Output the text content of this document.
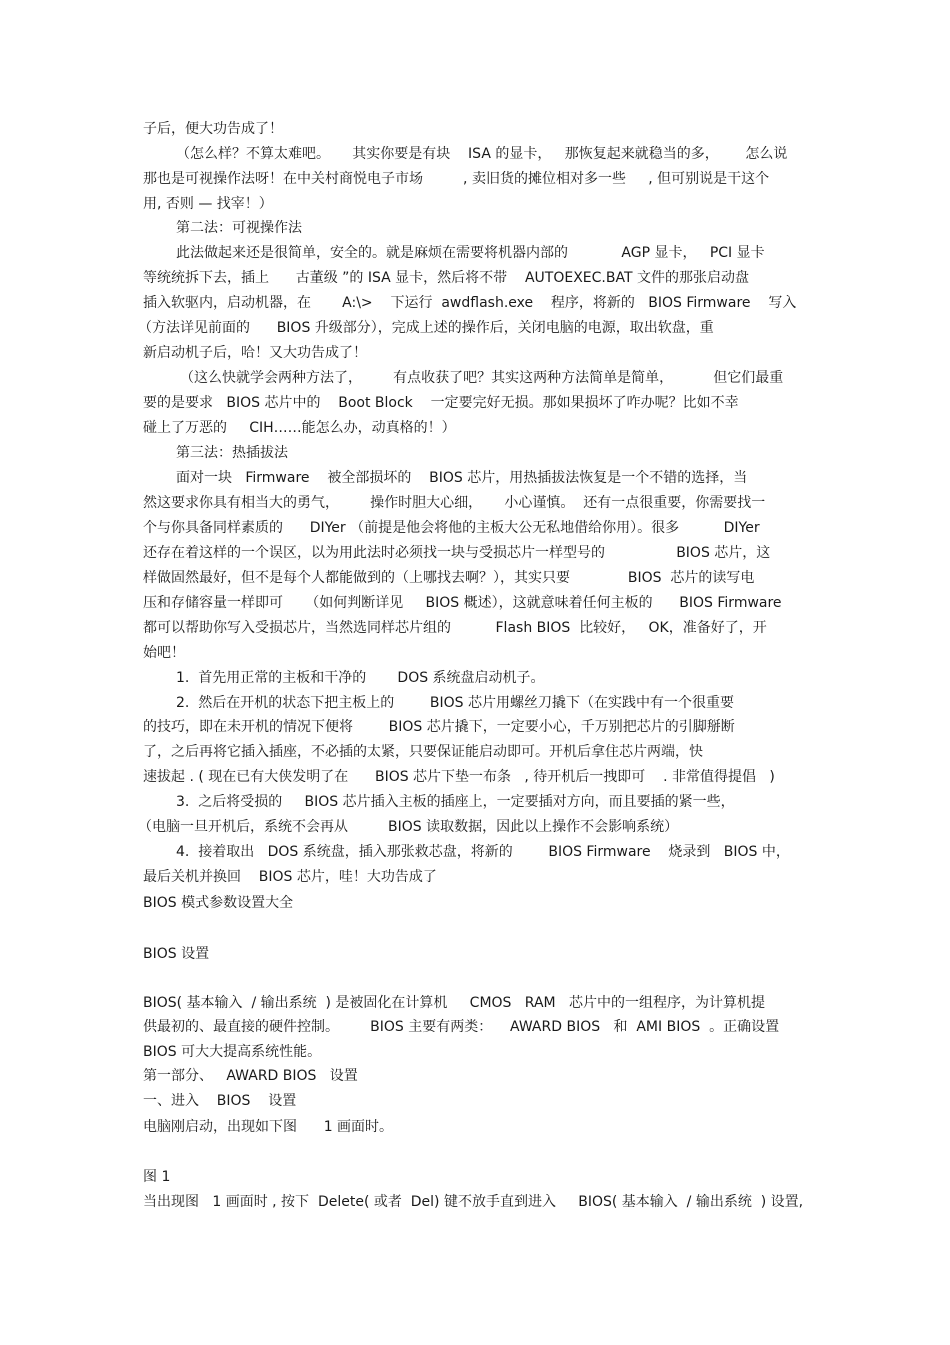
子后，便大功告成了！

（怎么样？不算太难吧。     其实你要是有块    ISA 的显卡，   那恢复起来就稳当的多，      怎么说

那也是可视操作法呀！在中关村商悦电子市场         , 卖旧货的摊位相对多一些     , 但可别说是干这个

用, 否则 — 找宰！）

第二法：可视操作法

此法做起来还是很简单，安全的。就是麻烦在需要将机器内部的            AGP 显卡，   PCI 显卡

等统统拆下去，插上      古董级 ”的 ISA 显卡，然后将不带    AUTOEXEC.BAT 文件的那张启动盘

插入软驱内，启动机器，在       A:\>    下运行  awdflash.exe    程序，将新的   BIOS Firmware    写入

（方法详见前面的      BIOS 升级部分），完成上述的操作后，关闭电脑的电源，取出软盘，重

新启动机子后，哈！又大功告成了！

（这么快就学会两种方法了，       有点收获了吧？其实这两种方法简单是简单，         但它们最重

要的是要求   BIOS 芯片中的    Boot Block    一定要完好无损。那如果损坏了咋办呢？比如不幸

碰上了万恶的     CIH……能怎么办，动真格的！）

第三法：热插拔法

面对一块   Firmware    被全部损坏的    BIOS 芯片，用热插拔法恢复是一个不错的选择，当

然这要求你具有相当大的勇气，       操作时胆大心细，     小心谨慎。  还有一点很重要，你需要找一

个与你具备同样素质的      DIYer （前提是他会将他的主板大公无私地借给你用）。很多          DIYer

还存在着这样的一个误区，以为用此法时必须找一块与受损芯片一样型号的                BIOS 芯片，这

样做固然最好，但不是每个人都能做到的（上哪找去啊？），其实只要             BIOS  芯片的读写电

压和存储容量一样即可     （如何判断详见     BIOS 概述），这就意味着任何主板的      BIOS Firmware

都可以帮助你写入受损芯片，当然选同样芯片组的          Flash BIOS  比较好，   OK，准备好了，开

始吧！

1.  首先用正常的主板和干净的       DOS 系统盘启动机子。

2.  然后在开机的状态下把主板上的        BIOS 芯片用螺丝刀撬下（在实践中有一个很重要

的技巧，即在未开机的情况下便将        BIOS 芯片撬下，一定要小心，千万别把芯片的引脚掰断

了，之后再将它插入插座，不必插的太紧，只要保证能启动即可。开机后拿住芯片两端，快

速拔起 . ( 现在已有大侠发明了在      BIOS 芯片下垫一布条   , 待开机后一拽即可    . 非常值得提倡   )

3.  之后将受损的     BIOS 芯片插入主板的插座上，一定要插对方向，而且要插的紧一些，

（电脑一旦开机后，系统不会再从         BIOS 读取数据，因此以上操作不会影响系统）

4.  接着取出   DOS 系统盘，插入那张救芯盘，将新的        BIOS Firmware    烧录到   BIOS 中，

最后关机并换回    BIOS 芯片，哇！大功告成了

BIOS 模式参数设置大全

BIOS 设置

BIOS( 基本输入  / 输出系统  ) 是被固化在计算机     CMOS   RAM   芯片中的一组程序，为计算机提

供最初的、最直接的硬件控制。       BIOS 主要有两类：    AWARD BIOS   和  AMI BIOS  。正确设置

BIOS 可大大提高系统性能。

第一部分、   AWARD BIOS   设置

一、进入    BIOS    设置

电脑刚启动，出现如下图      1 画面时。

图 1

当出现图   1 画面时 , 按下  Delete( 或者  Del) 键不放手直到进入     BIOS( 基本输入  / 输出系统  ) 设置,
